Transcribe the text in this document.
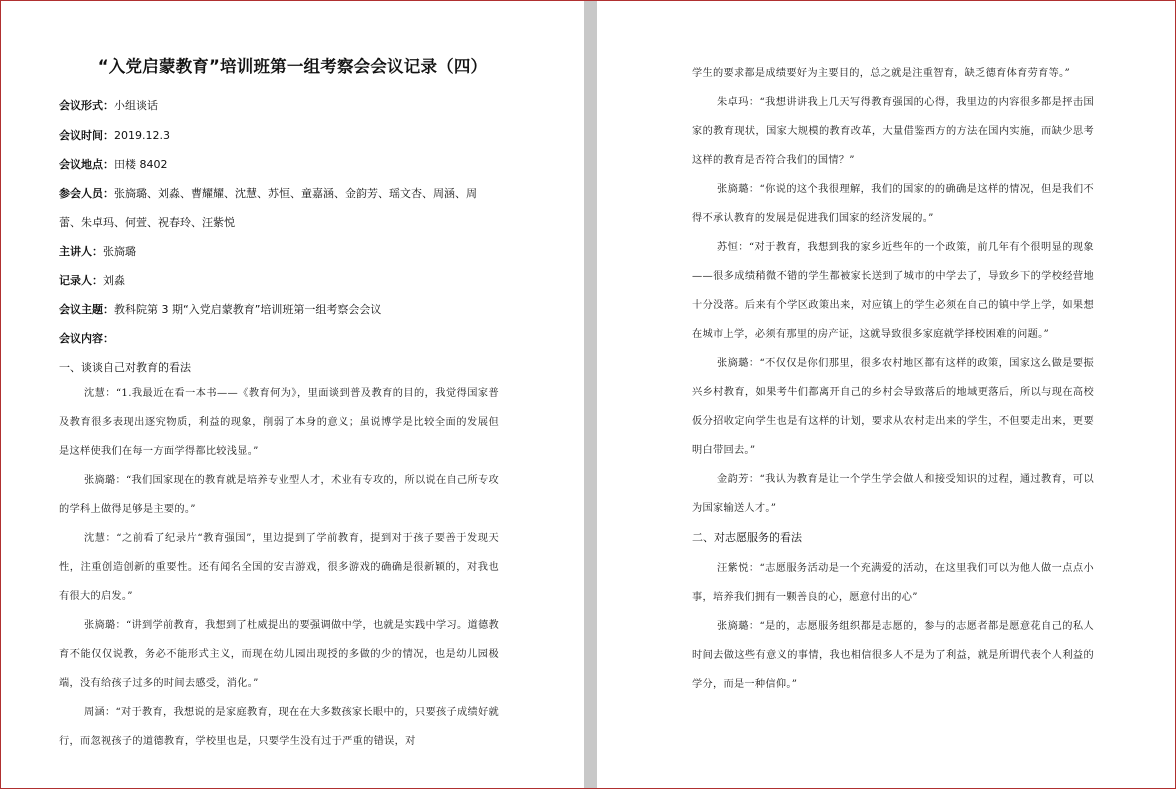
“入党启蒙教育”培训班第一组考察会会议记录（四）
会议形式：小组谈话
会议时间：2019.12.3
会议地点：田楼 8402
参会人员：张旖璐、刘淼、曹耀耀、沈慧、苏恒、童嘉涵、金韵芳、瑶文杏、周涵、周
蕾、朱卓玛、何萱、祝春玲、汪紫悦
主讲人：张旖璐
记录人：刘淼
会议主题：教科院第 3 期“入党启蒙教育”培训班第一组考察会会议
会议内容：
一、谈谈自己对教育的看法
沈慧：“1.我最近在看一本书——《教育何为》，里面谈到普及教育的目的，我觉得国家普及教育很多表现出逐究物质，利益的现象，削弱了本身的意义；虽说博学是比较全面的发展但是这样使我们在每一方面学得都比较浅显。”
张旖璐：“我们国家现在的教育就是培养专业型人才，术业有专攻的，所以说在自己所专攻的学科上做得足够是主要的。”
沈慧：“之前看了纪录片“教育强国”，里边提到了学前教育，提到对于孩子要善于发现天性，注重创造创新的重要性。还有闻名全国的安吉游戏，很多游戏的确确是很新颖的，对我也有很大的启发。”
张旖璐：“讲到学前教育，我想到了杜威提出的要强调做中学，也就是实践中学习。道德教育不能仅仅说教，务必不能形式主义，而现在幼儿园出现授的多做的少的情况，也是幼儿园极端，没有给孩子过多的时间去感受，消化。”
周涵：“对于教育，我想说的是家庭教育，现在在大多数孩家长眼中的，只要孩子成绩好就行，而忽视孩子的道德教育，学校里也是，只要学生没有过于严重的错误，对
学生的要求都是成绩要好为主要目的，总之就是注重智育，缺乏德育体育劳育等。”
朱卓玛：“我想讲讲我上几天写得教育强国的心得，我里边的内容很多都是抨击国家的教育现状，国家大规模的教育改革，大量借鉴西方的方法在国内实施，而缺少思考这样的教育是否符合我们的国情？”
张旖璐：“你说的这个我很理解，我们的国家的的确确是这样的情况，但是我们不得不承认教育的发展是促进我们国家的经济发展的。”
苏恒：“对于教育，我想到我的家乡近些年的一个政策，前几年有个很明显的现象——很多成绩稍微不错的学生都被家长送到了城市的中学去了，导致乡下的学校经营地十分没落。后来有个学区政策出来，对应镇上的学生必须在自己的镇中学上学，如果想在城市上学，必须有那里的房产证，这就导致很多家庭就学择校困难的问题。”
张旖璐：“不仅仅是你们那里，很多农村地区都有这样的政策，国家这么做是要振兴乡村教育，如果考牛们都离开自己的乡村会导致落后的地域更落后，所以与现在高校仮分招收定向学生也是有这样的计划，要求从农村走出来的学生，不但要走出来，更要明白带回去。”
金韵芳：“我认为教育是让一个学生学会做人和接受知识的过程，通过教育，可以为国家输送人才。”
二、对志愿服务的看法
汪紫悦：“志愿服务活动是一个充满爱的活动，在这里我们可以为他人做一点点小事，培养我们拥有一颗善良的心，愿意付出的心”
张旖璐：“是的，志愿服务组织都是志愿的，参与的志愿者都是愿意花自己的私人时间去做这些有意义的事情，我也相信很多人不是为了利益，就是所谓代表个人利益的学分，而是一种信仰。”
